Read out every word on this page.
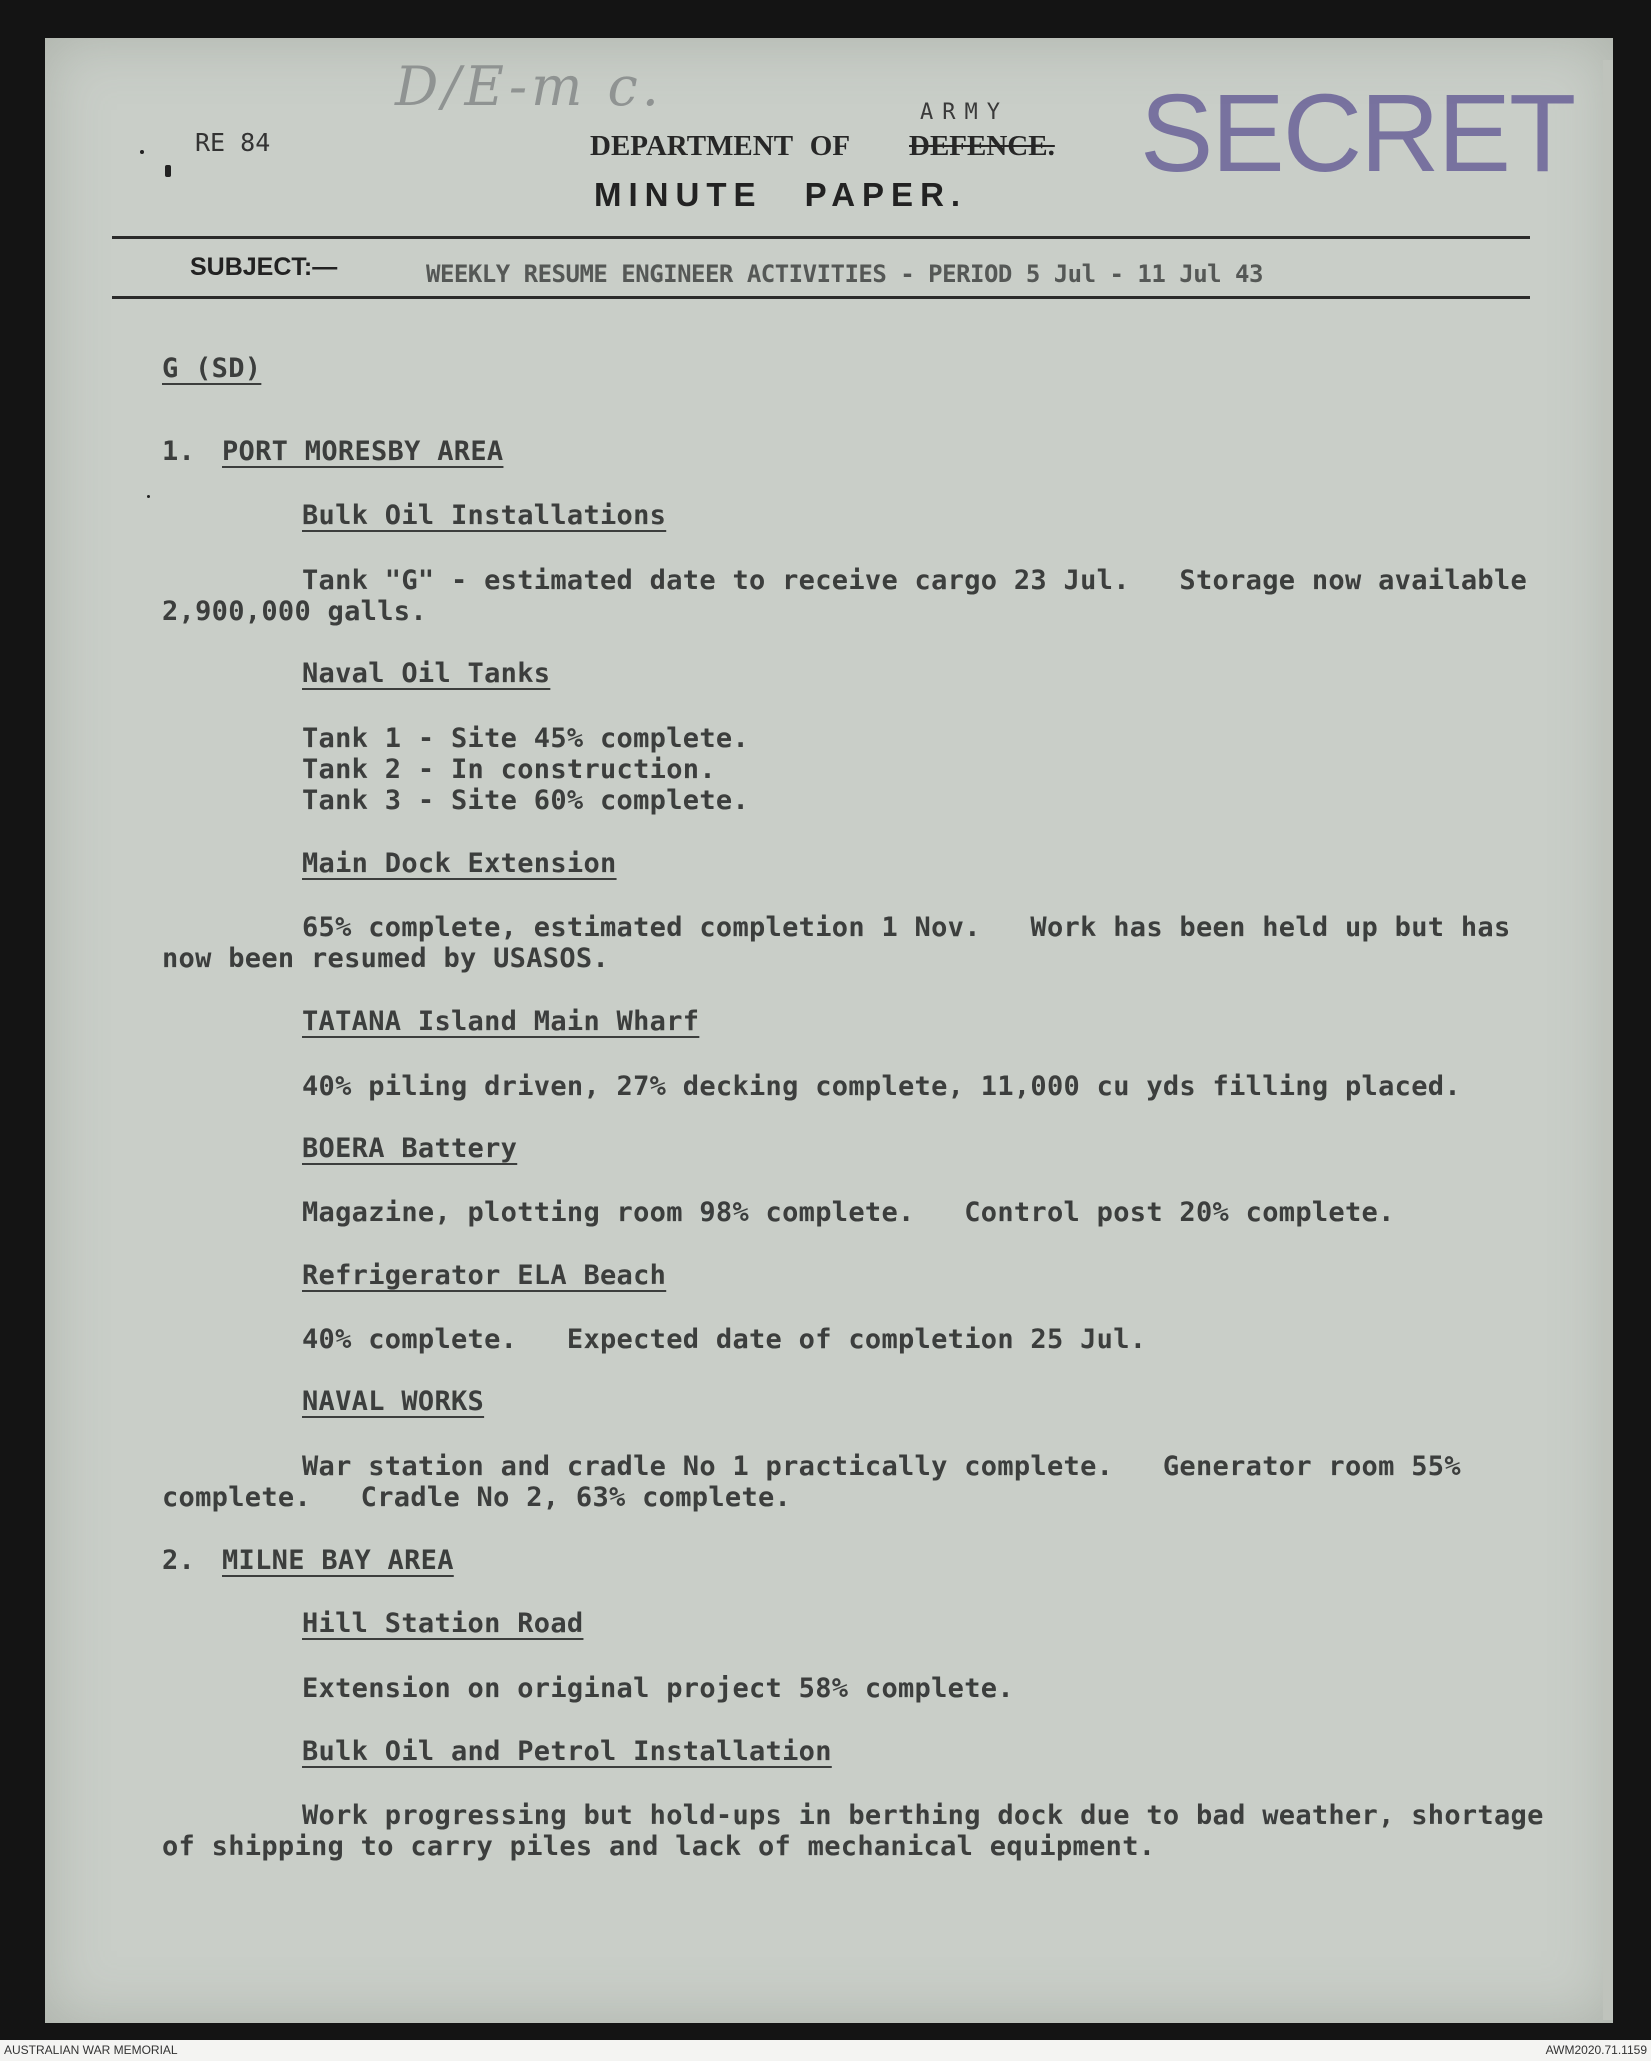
D/E-m c.
RE 84	DEPARTMENT OF
ARMY
DEFENCE.
MINUTE PAPER. SECRET
SUBJECT:—	WEEKLY RESUME ENGINEER ACTIVITIES - PERIOD 5 Jul - 11 Jul 43
G (SD)
1. PORT MORESBY AREA
Bulk Oil Installations
Tank "G" - estimated date to receive cargo 23 Jul.   Storage now available
2,900,000 galls.
Naval Oil Tanks
Tank 1 - Site 45% complete.
Tank 2 - In construction.
Tank 3 - Site 60% complete.
Main Dock Extension
65% complete, estimated completion 1 Nov.   Work has been held up but has
now been resumed by USASOS.
TATANA Island Main Wharf
40% piling driven, 27% decking complete, 11,000 cu yds filling placed.
BOERA Battery
Magazine, plotting room 98% complete.   Control post 20% complete.
Refrigerator ELA Beach
40% complete.   Expected date of completion 25 Jul.
NAVAL WORKS
War station and cradle No 1 practically complete.   Generator room 55%
complete.   Cradle No 2, 63% complete.
2. MILNE BAY AREA
Hill Station Road
Extension on original project 58% complete.
Bulk Oil and Petrol Installation
Work progressing but hold-ups in berthing dock due to bad weather, shortage
of shipping to carry piles and lack of mechanical equipment.
AUSTRALIAN WAR MEMORIAL	AWM2020.71.1159
